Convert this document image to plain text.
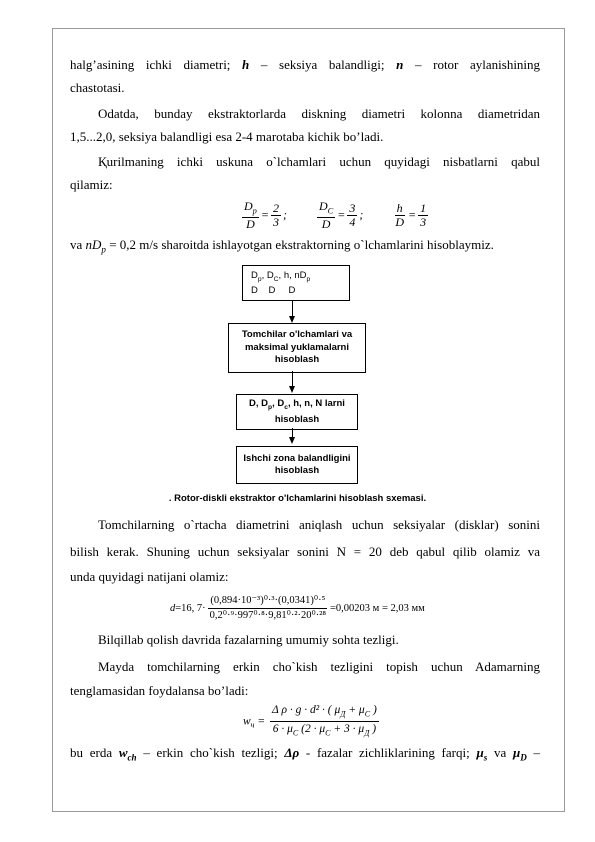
halg’asining ichki diametri; h – seksiya balandligi; n – rotor aylanishining
chastotasi.
Odatda, bunday ekstraktorlarda diskning diametri kolonna diametridan
1,5...2,0, seksiya balandligi esa 2-4 marotaba kichik bo’ladi.
Қurilmaning ichki uskuna o`lchamlari uchun quyidagi nisbatlarni qabul
qilamiz:
$\frac{D_p}{D} = \frac{2}{3}$ ;	$\frac{D_C}{D} = \frac{3}{4}$ ;	$\frac{h}{D} = \frac{1}{3}$
va $nD_p = 0,2$ m/s sharoitda ishlayotgan ekstraktorning o`lchamlarini hisoblaymiz.
$D_p$, $D_C$, h, $nD_p$
D D D
Tomchilar o'lchamlari va maksimal yuklamalarni hisoblash
D, $D_p$, $D_c$, h, n, N larni hisoblash
Ishchi zona balandligini hisoblash
. Rotor-diskli ekstraktor o'lchamlarini hisoblash sxemasi.
Tomchilarning o`rtacha diametrini aniqlash uchun seksiyalar (disklar) sonini
bilish kerak. Shuning uchun seksiyalar sonini N = 20 deb qabul qilib olamiz va
unda quyidagi natijani olamiz:
d=16, $7\cdot \frac{\text{(0,894·10⁻³)⁰·³·(0,0341)⁰·⁵}}{\text{0,2⁰·⁹·997⁰·⁸·9,81⁰·²·20⁰·²⁸}} =0,00203$ м = 2,03 мм
Bilqillab qolish davrida fazalarning umumiy sohta tezligi.
Mayda tomchilarning erkin cho`kish tezligini topish uchun Adamarning
tenglamasidan foydalansa bo’ladi:
$w_ч = \frac{\Delta \rho \cdot g \cdot d^2 \cdot ( \mu_Д + \mu_C )}{6 \cdot \mu_C (2 \cdot \mu_C + 3 \cdot \mu_Д )}$
bu erda $w_{ch}$ – erkin cho`kish tezligi; Δρ - fazalar zichliklarining farqi; $\mu_s$ va $\mu_D$ –
